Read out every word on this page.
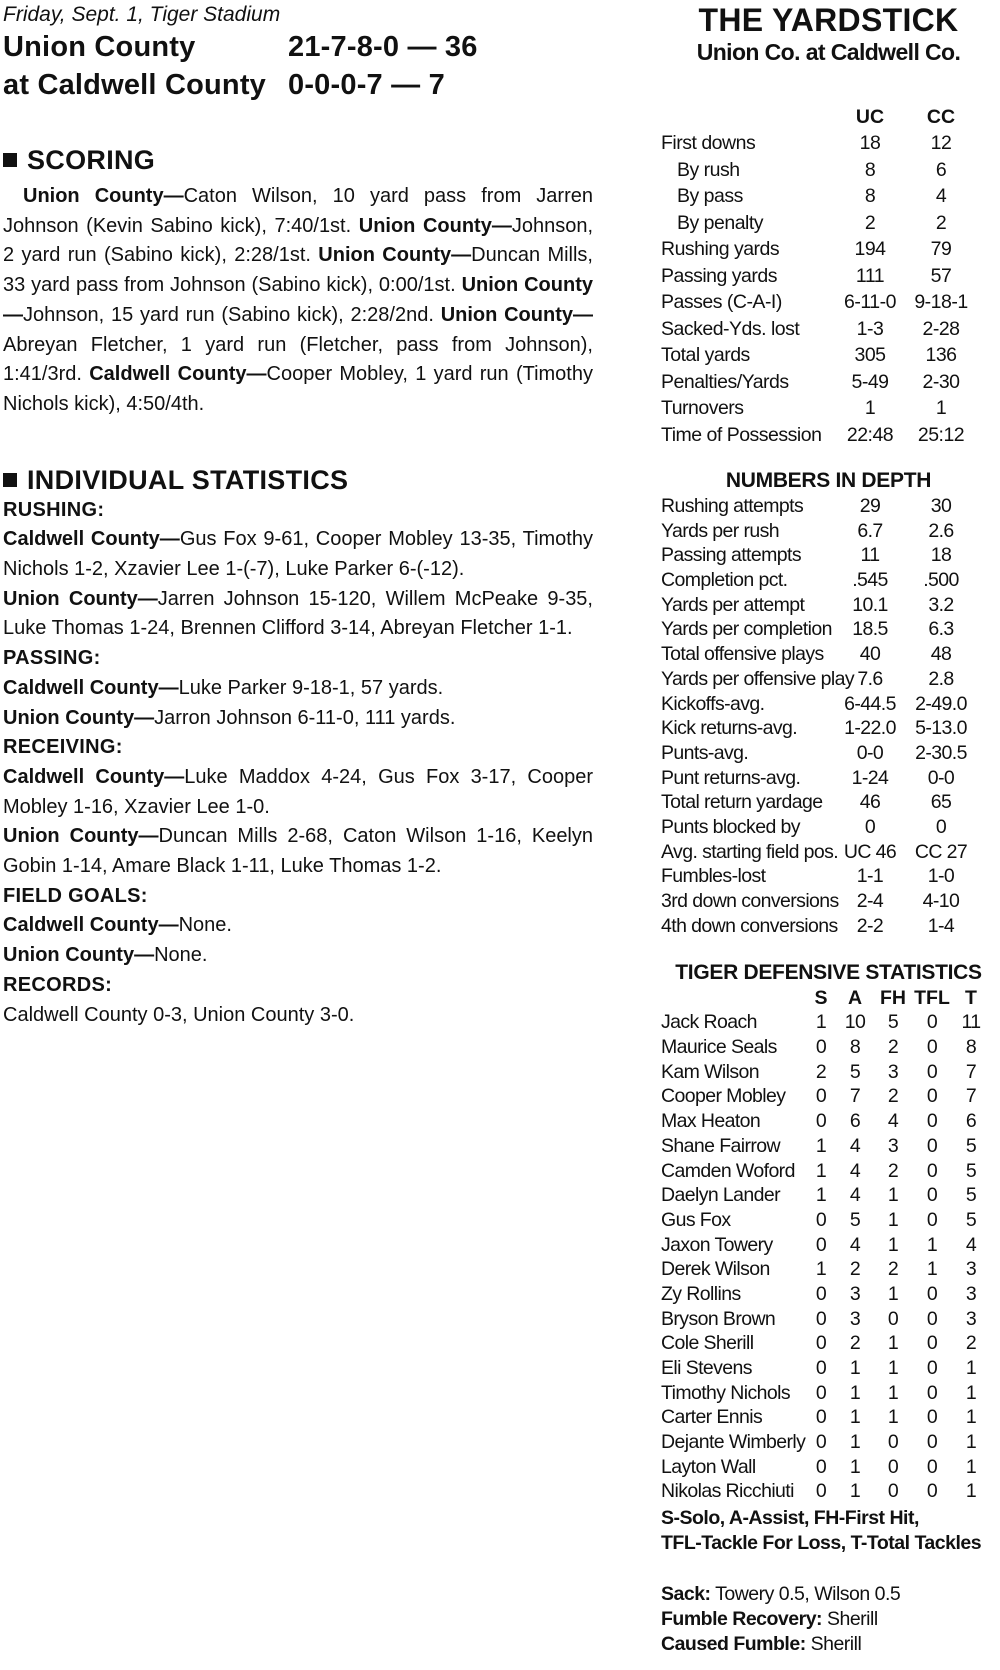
Friday, Sept. 1, Tiger Stadium
Union County	21-7-8-0 — 36
at Caldwell County 0-0-0-7 — 7
SCORING

Union County—Caton Wilson, 10 yard pass from Jarren Johnson (Kevin Sabino kick), 7:40/1st. Union County—Johnson, 2 yard run (Sabino kick), 2:28/1st. Union County—Duncan Mills, 33 yard pass from Johnson (Sabino kick), 0:00/1st. Union County—Johnson, 15 yard run (Sabino kick), 2:28/2nd. Union County—Abreyan Fletcher, 1 yard run (Fletcher, pass from Johnson), 1:41/3rd. Caldwell County—Cooper Mobley, 1 yard run (Timothy Nichols kick), 4:50/4th.

INDIVIDUAL STATISTICS
RUSHING:
Caldwell County—Gus Fox 9-61, Cooper Mobley 13-35, Timothy Nichols 1-2, Xzavier Lee 1-(-7), Luke Parker 6-(-12).
Union County—Jarren Johnson 15-120, Willem McPeake 9-35, Luke Thomas 1-24, Brennen Clifford 3-14, Abreyan Fletcher 1-1.
PASSING:
Caldwell County—Luke Parker 9-18-1, 57 yards.
Union County—Jarron Johnson 6-11-0, 111 yards.
RECEIVING:
Caldwell County—Luke Maddox 4-24, Gus Fox 3-17, Cooper Mobley 1-16, Xzavier Lee 1-0.
Union County—Duncan Mills 2-68, Caton Wilson 1-16, Keelyn Gobin 1-14, Amare Black 1-11, Luke Thomas 1-2.
FIELD GOALS:
Caldwell County—None.
Union County—None.
RECORDS:
Caldwell County 0-3, Union County 3-0.
THE YARDSTICK
Union Co. at Caldwell Co.
UC	CC
First downs	18	12
By rush	8	6
By pass	8	4
By penalty	2	2
Rushing yards	194	79
Passing yards	111	57
Passes (C-A-I)	6-11-0 9-18-1
Sacked-Yds. lost	1-3	2-28
Total yards	305	136
Penalties/Yards	5-49	2-30
Turnovers	1	1
Time of Possession	22:48	25:12
NUMBERS IN DEPTH
Rushing attempts	29	30
Yards per rush	6.7	2.6
Passing attempts	11	18
Completion pct.	.545	.500
Yards per attempt	10.1	3.2
Yards per completion	18.5	6.3
Total offensive plays	40	48
Yards per offensive play 7.6	2.8
Kickoffs-avg.	6-44.5 2-49.0
Kick returns-avg.	1-22.0 5-13.0
Punts-avg.	0-0	2-30.5
Punt returns-avg.	1-24	0-0
Total return yardage	46	65
Punts blocked by	0	0
Avg. starting field pos. UC 46 CC 27
Fumbles-lost	1-1	1-0
3rd down conversions 2-4	4-10
4th down conversions 2-2	1-4
TIGER DEFENSIVE STATISTICS
S	A FH TFL T
Jack Roach	1 10	5	0	11
Maurice Seals	0	8	2	0	8
Kam Wilson	2	5	3	0	7
Cooper Mobley	0	7	2	0	7
Max Heaton	0	6	4	0	6
Shane Fairrow	1	4	3	0	5
Camden Woford	1	4	2	0	5
Daelyn Lander	1	4	1	0	5
Gus Fox	0	5	1	0	5
Jaxon Towery	0	4	1	1	4
Derek Wilson	1	2	2	1	3
Zy Rollins	0	3	1	0	3
Bryson Brown	0	3	0	0	3
Cole Sherill	0	2	1	0	2
Eli Stevens	0	1	1	0	1
Timothy Nichols	0	1	1	0	1
Carter Ennis	0	1	1	0	1
Dejante Wimberly 0	1	0	0	1
Layton Wall	0	1	0	0	1
Nikolas Ricchiuti	0	1	0	0	1
S-Solo, A-Assist, FH-First Hit,
TFL-Tackle For Loss, T-Total Tackles
Sack: Towery 0.5, Wilson 0.5
Fumble Recovery: Sherill
Caused Fumble: Sherill
